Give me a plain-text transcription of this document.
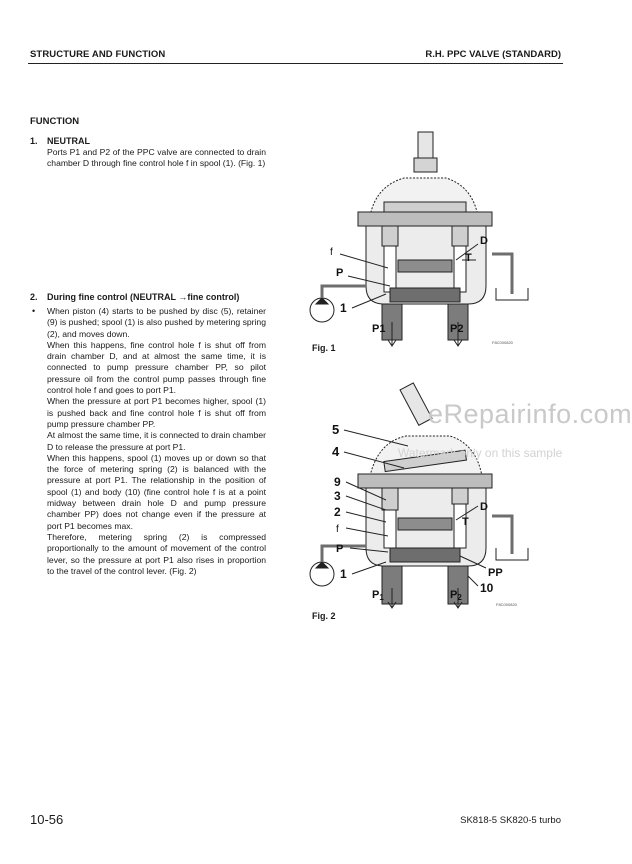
STRUCTURE AND FUNCTION	R.H. PPC VALVE (STANDARD)
FUNCTION
1. NEUTRAL

Ports P1 and P2 of the PPC valve are connected to drain chamber D through fine control hole f in spool (1). (Fig. 1)

2. During fine control (NEUTRAL →fine control)
• When piston (4) starts to be pushed by disc (5), retainer (9) is pushed; spool (1) is also pushed by metering spring (2), and moves down.

When this happens, fine control hole f is shut off from drain chamber D, and at almost the same time, it is connected to pump pressure chamber PP, so pilot pressure oil from the control pump passes through fine control hole f and goes to port P1.

When the pressure at port P1 becomes higher, spool (1) is pushed back and fine control hole f is shut off from pump pressure chamber PP.

At almost the same time, it is connected to drain chamber D to release the pressure at port P1.

When this happens, spool (1) moves up or down so that the force of metering spring (2) is balanced with the pressure at port P1. The relationship in the position of spool (1) and body (10) (fine control hole f is at a point midway between drain hole D and pump pressure chamber PP) does not change even if the pressure at port P1 becomes max.

Therefore, metering spring (2) is compressed proportionally to the amount of movement of the control lever, so the pressure at port P1 also rises in proportion to the travel of the control lever. (Fig. 2)

f
P
1
D
T
P1	P2
F8C000820
Fig. 1
5
4
9
3
2
f
P
1
D
T
PP
10
P1	P2
F8C000820
Fig. 2
eRepairinfo.com
Watermark only on this sample
10-56	SK818-5 SK820-5 turbo
